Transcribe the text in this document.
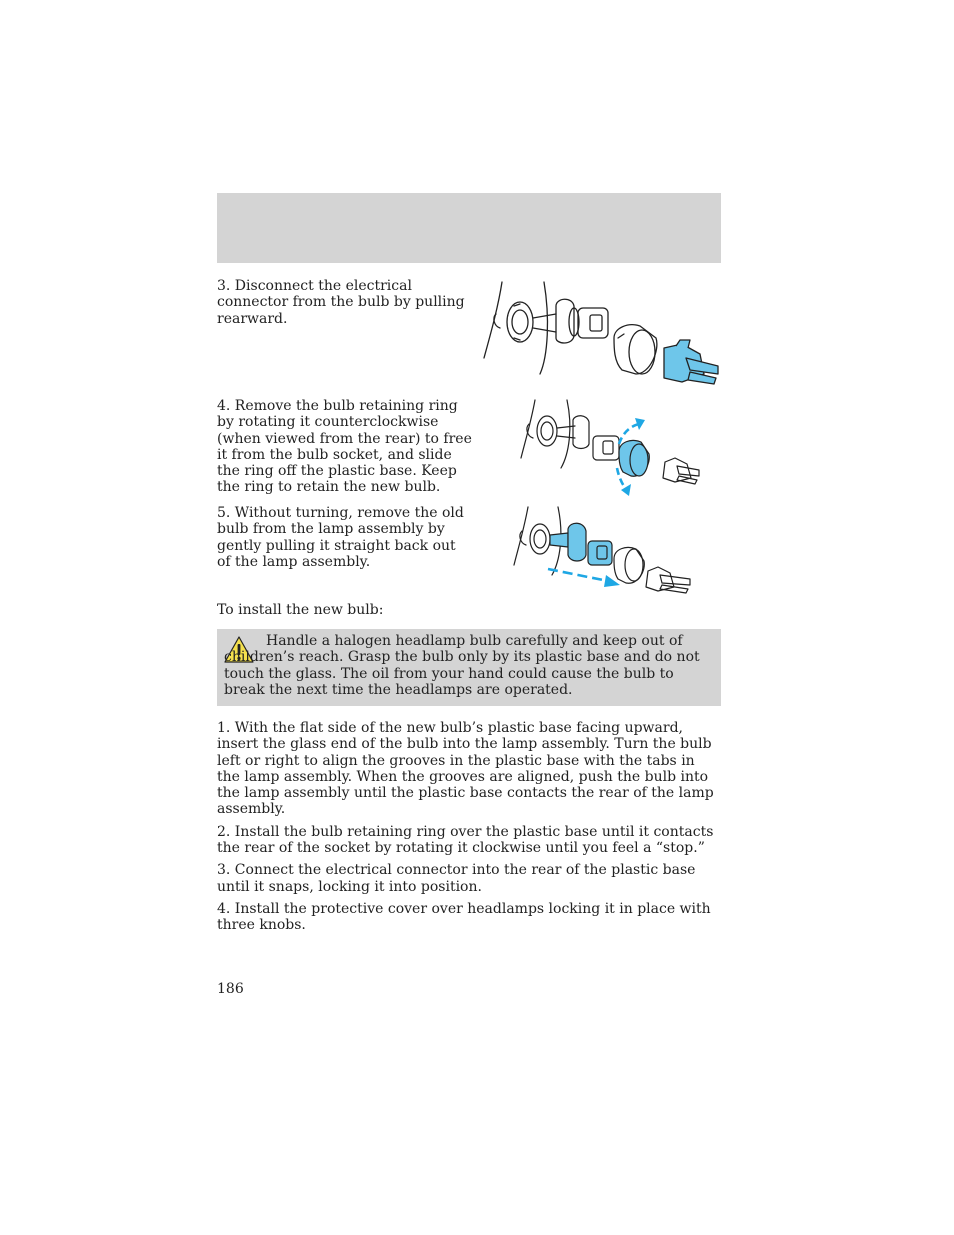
3. Disconnect the electrical connector from the bulb by pulling rearward.
4. Remove the bulb retaining ring by rotating it counterclockwise (when viewed from the rear) to free it from the bulb socket, and slide the ring off the plastic base. Keep the ring to retain the new bulb.
5. Without turning, remove the old bulb from the lamp assembly by gently pulling it straight back out of the lamp assembly.
To install the new bulb:
Handle a halogen headlamp bulb carefully and keep out of children’s reach. Grasp the bulb only by its plastic base and do not touch the glass. The oil from your hand could cause the bulb to break the next time the headlamps are operated.

1. With the flat side of the new bulb’s plastic base facing upward, insert the glass end of the bulb into the lamp assembly. Turn the bulb left or right to align the grooves in the plastic base with the tabs in the lamp assembly. When the grooves are aligned, push the bulb into the lamp assembly until the plastic base contacts the rear of the lamp assembly.

2. Install the bulb retaining ring over the plastic base until it contacts the rear of the socket by rotating it clockwise until you feel a “stop.”

3. Connect the electrical connector into the rear of the plastic base until it snaps, locking it into position.

4. Install the protective cover over headlamps locking it in place with three knobs.

186
